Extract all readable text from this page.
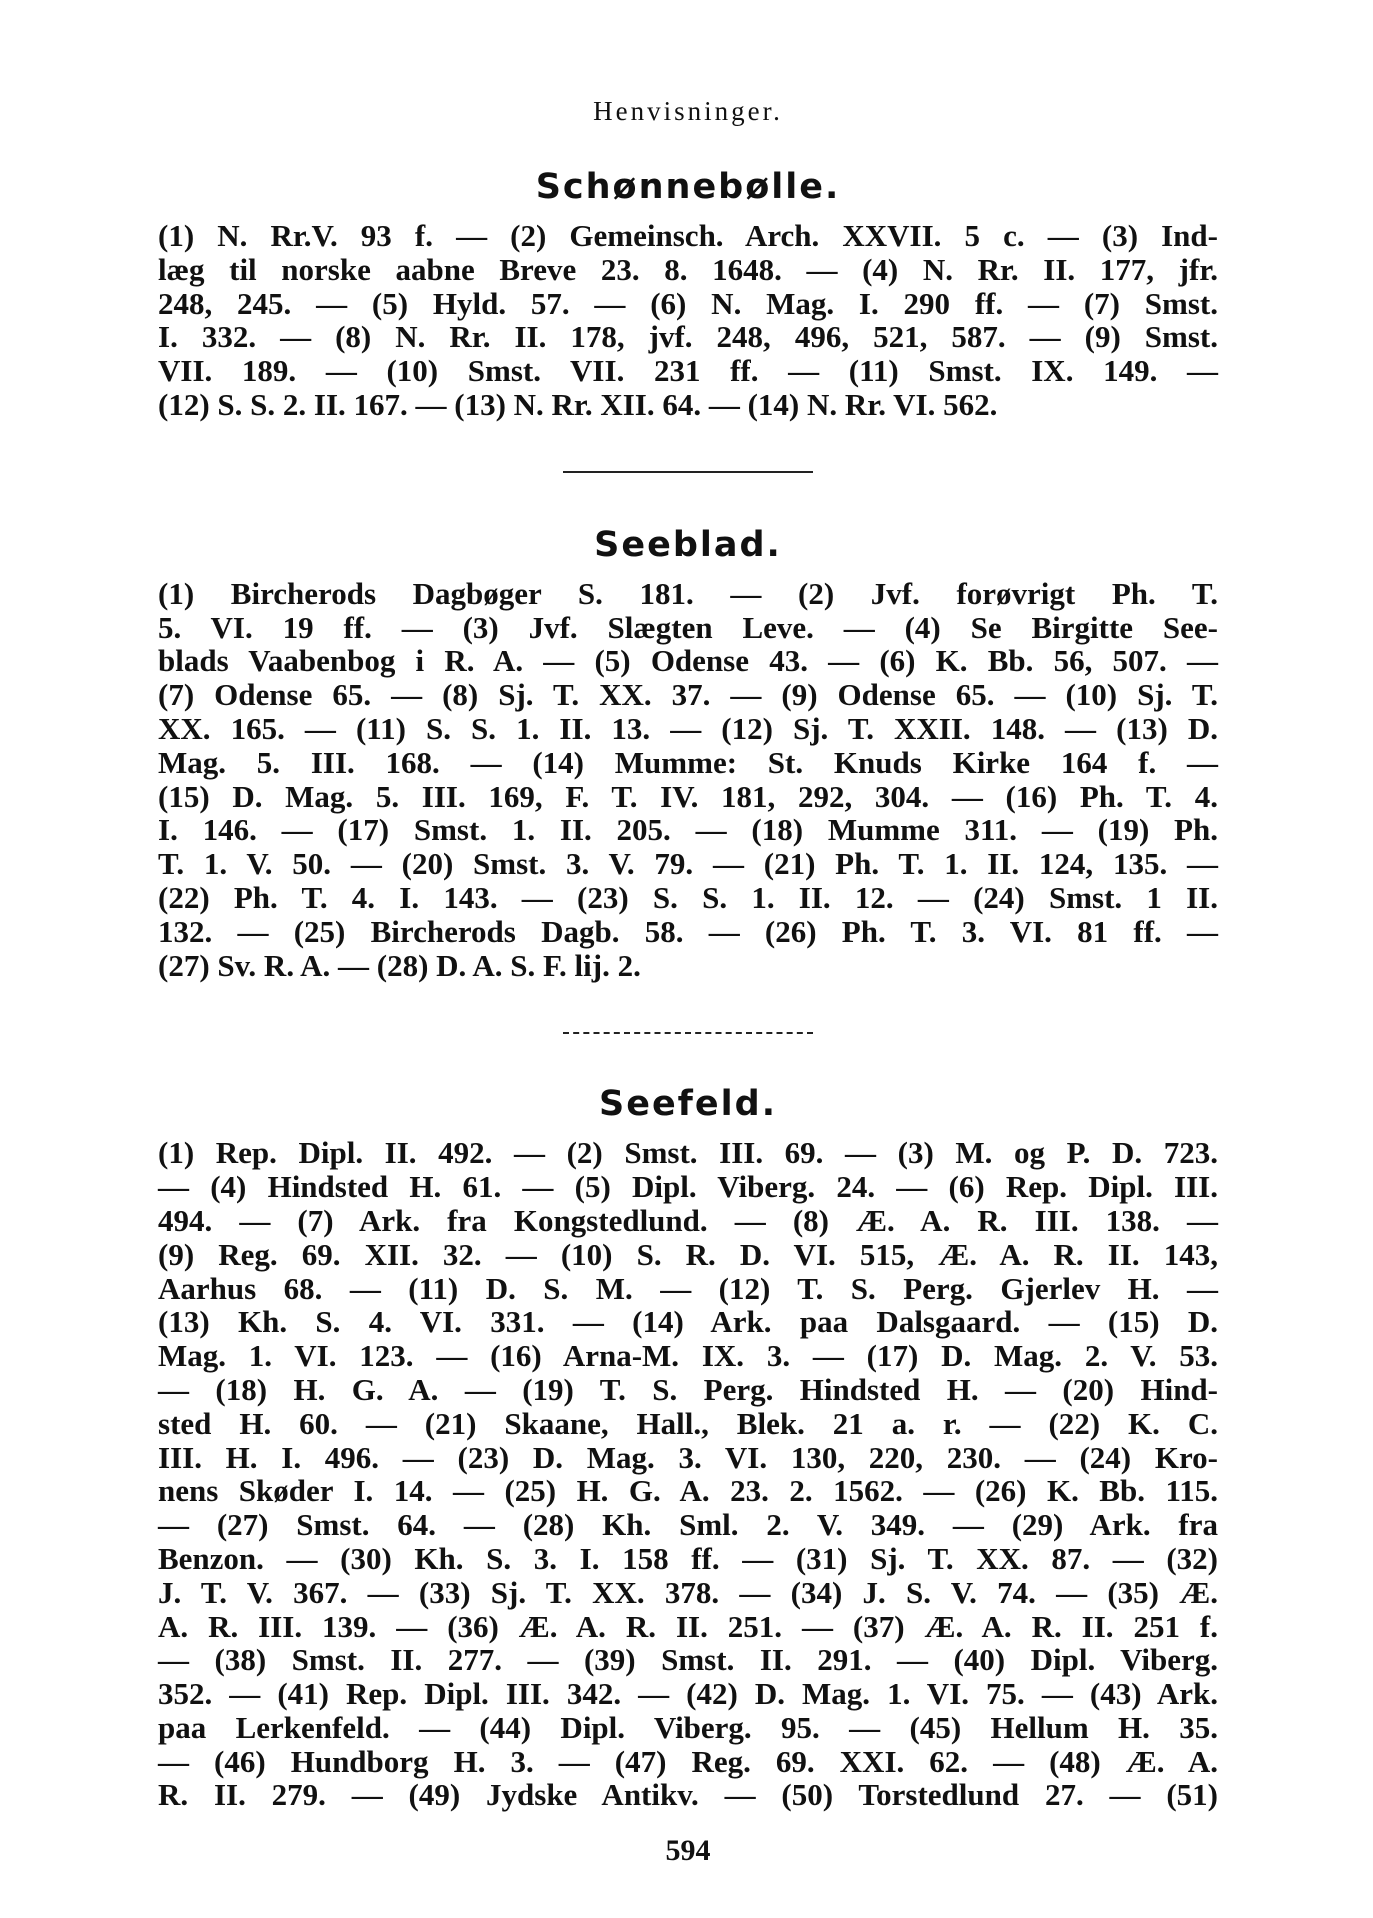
Henvisninger.
Schønnebølle.
(1) N. Rr.V. 93 f. — (2) Gemeinsch. Arch. XXVII. 5 c. — (3) Ind-
læg til norske aabne Breve 23. 8. 1648. — (4) N. Rr. II. 177, jfr.
248, 245. — (5) Hyld. 57. — (6) N. Mag. I. 290 ff. — (7) Smst.
I. 332. — (8) N. Rr. II. 178, jvf. 248, 496, 521, 587. — (9) Smst.
VII. 189. — (10) Smst. VII. 231 ff. — (11) Smst. IX. 149. —
(12) S. S. 2. II. 167. — (13) N. Rr. XII. 64. — (14) N. Rr. VI. 562.
Seeblad.
(1) Bircherods Dagbøger S. 181. — (2) Jvf. forøvrigt Ph. T.
5. VI. 19 ff. — (3) Jvf. Slægten Leve. — (4) Se Birgitte See-
blads Vaabenbog i R. A. — (5) Odense 43. — (6) K. Bb. 56, 507. —
(7) Odense 65. — (8) Sj. T. XX. 37. — (9) Odense 65. — (10) Sj. T.
XX. 165. — (11) S. S. 1. II. 13. — (12) Sj. T. XXII. 148. — (13) D.
Mag. 5. III. 168. — (14) Mumme: St. Knuds Kirke 164 f. —
(15) D. Mag. 5. III. 169, F. T. IV. 181, 292, 304. — (16) Ph. T. 4.
I. 146. — (17) Smst. 1. II. 205. — (18) Mumme 311. — (19) Ph.
T. 1. V. 50. — (20) Smst. 3. V. 79. — (21) Ph. T. 1. II. 124, 135. —
(22) Ph. T. 4. I. 143. — (23) S. S. 1. II. 12. — (24) Smst. 1 II.
132. — (25) Bircherods Dagb. 58. — (26) Ph. T. 3. VI. 81 ff. —
(27) Sv. R. A. — (28) D. A. S. F. lij. 2.
Seefeld.
(1) Rep. Dipl. II. 492. — (2) Smst. III. 69. — (3) M. og P. D. 723.
— (4) Hindsted H. 61. — (5) Dipl. Viberg. 24. — (6) Rep. Dipl. III.
494. — (7) Ark. fra Kongstedlund. — (8) Æ. A. R. III. 138. —
(9) Reg. 69. XII. 32. — (10) S. R. D. VI. 515, Æ. A. R. II. 143,
Aarhus 68. — (11) D. S. M. — (12) T. S. Perg. Gjerlev H. —
(13) Kh. S. 4. VI. 331. — (14) Ark. paa Dalsgaard. — (15) D.
Mag. 1. VI. 123. — (16) Arna-M. IX. 3. — (17) D. Mag. 2. V. 53.
— (18) H. G. A. — (19) T. S. Perg. Hindsted H. — (20) Hind-
sted H. 60. — (21) Skaane, Hall., Blek. 21 a. r. — (22) K. C.
III. H. I. 496. — (23) D. Mag. 3. VI. 130, 220, 230. — (24) Kro-
nens Skøder I. 14. — (25) H. G. A. 23. 2. 1562. — (26) K. Bb. 115.
— (27) Smst. 64. — (28) Kh. Sml. 2. V. 349. — (29) Ark. fra
Benzon. — (30) Kh. S. 3. I. 158 ff. — (31) Sj. T. XX. 87. — (32)
J. T. V. 367. — (33) Sj. T. XX. 378. — (34) J. S. V. 74. — (35) Æ.
A. R. III. 139. — (36) Æ. A. R. II. 251. — (37) Æ. A. R. II. 251 f.
— (38) Smst. II. 277. — (39) Smst. II. 291. — (40) Dipl. Viberg.
352. — (41) Rep. Dipl. III. 342. — (42) D. Mag. 1. VI. 75. — (43) Ark.
paa Lerkenfeld. — (44) Dipl. Viberg. 95. — (45) Hellum H. 35.
— (46) Hundborg H. 3. — (47) Reg. 69. XXI. 62. — (48) Æ. A.
R. II. 279. — (49) Jydske Antikv. — (50) Torstedlund 27. — (51)
594
